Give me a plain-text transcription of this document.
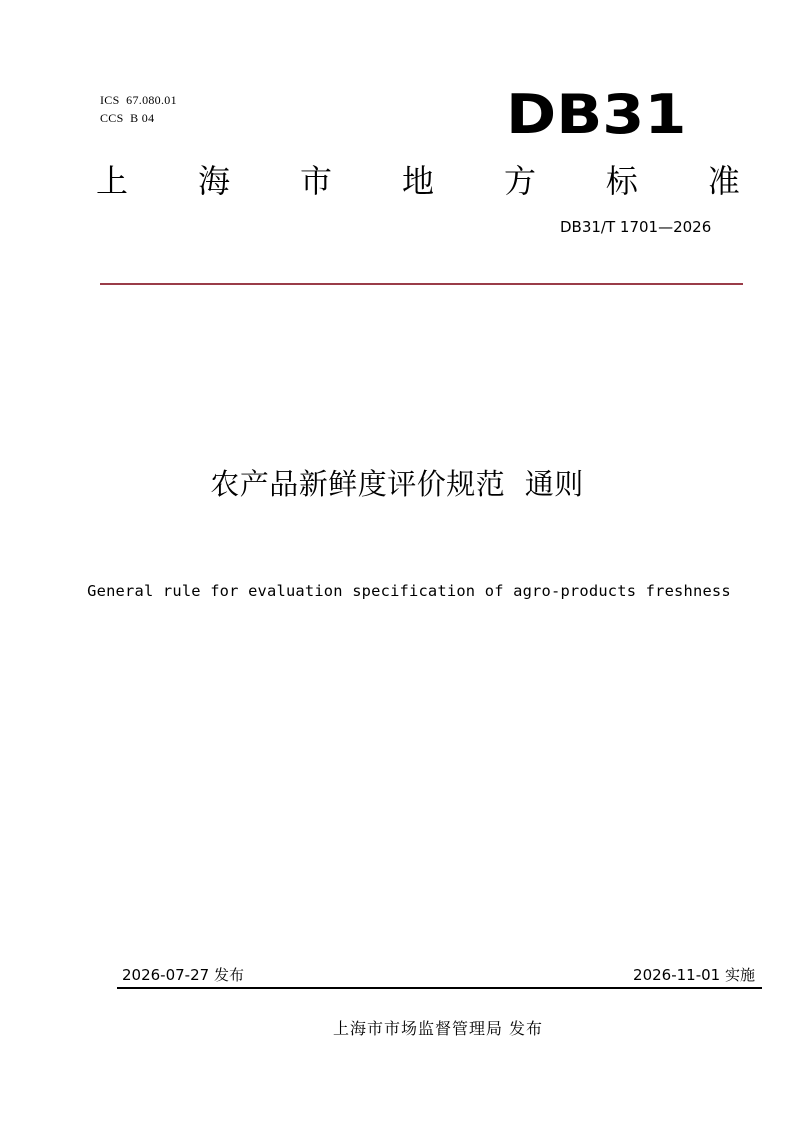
ICS  67.080.01
CCS  B 04	DB31
上 海 市 地 方 标 准
DB31/T 1701—2026
农产品新鲜度评价规范  通则
General rule for evaluation specification of agro-products freshness
2026-07-27 发布	2026-11-01 实施
上海市市场监督管理局 发布
